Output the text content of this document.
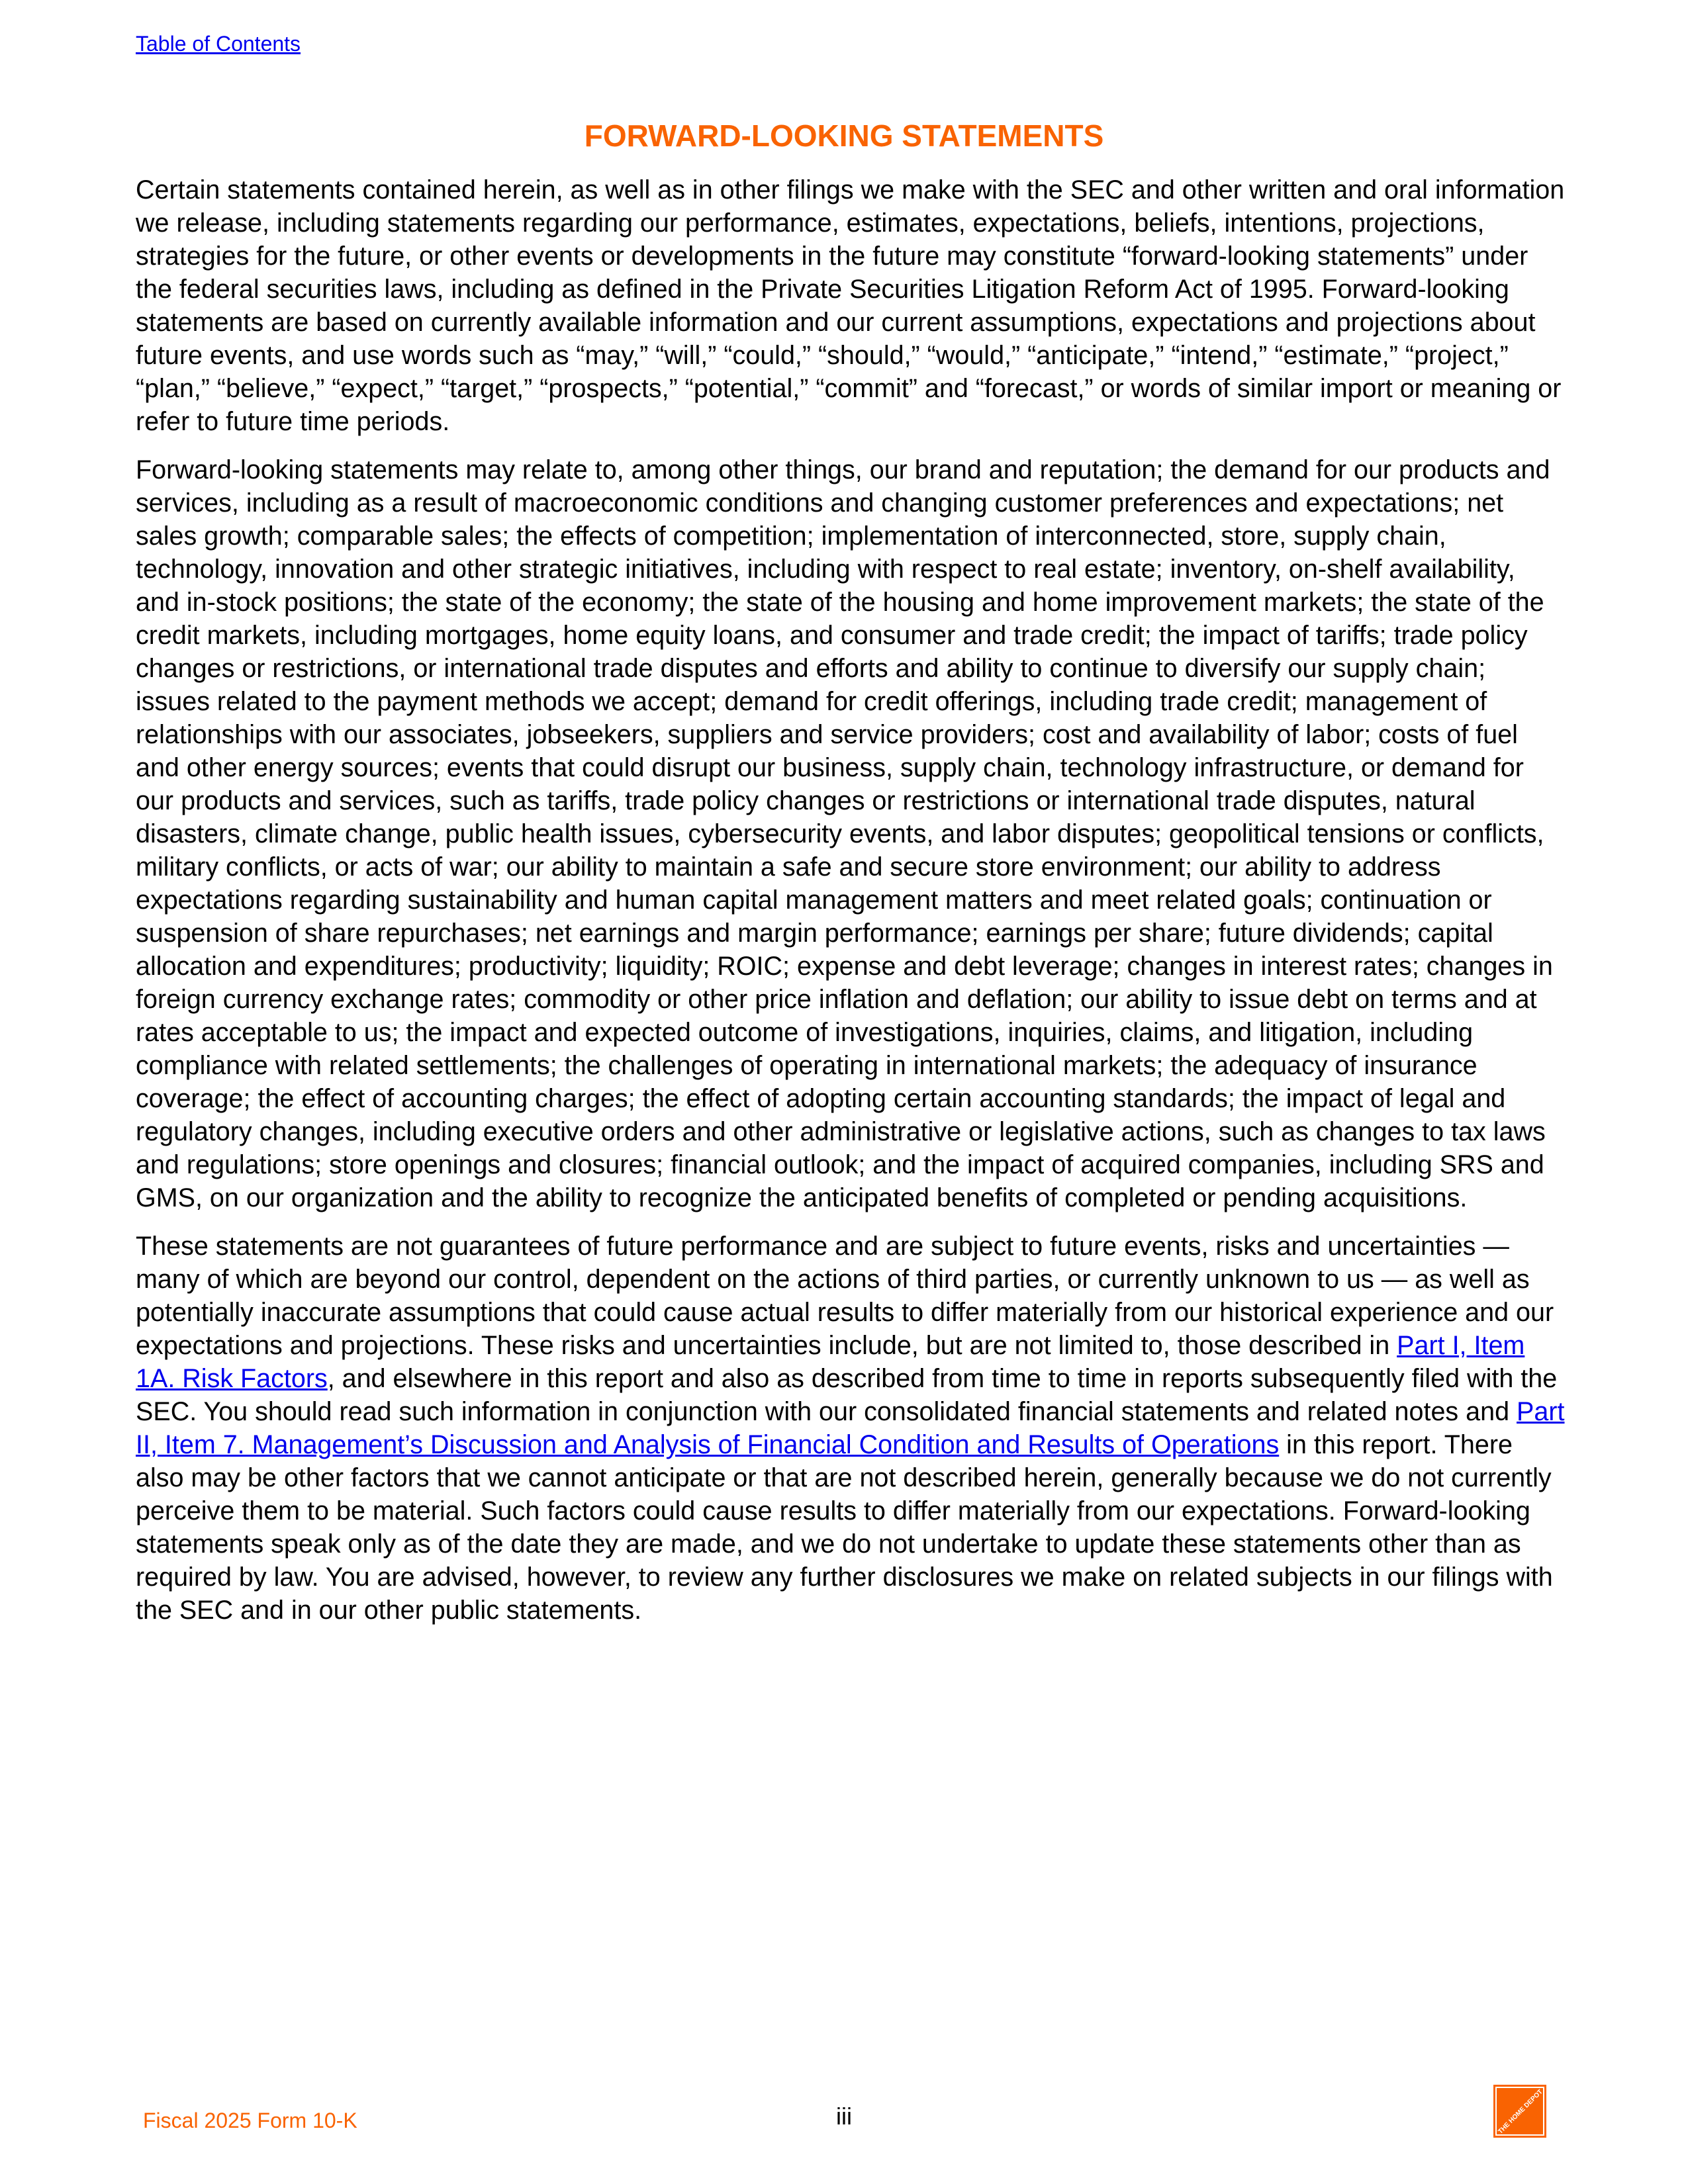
Table of Contents
FORWARD-LOOKING STATEMENTS

Certain statements contained herein, as well as in other filings we make with the SEC and other written and oral information we release, including statements regarding our performance, estimates, expectations, beliefs, intentions, projections, strategies for the future, or other events or developments in the future may constitute “forward-looking statements” under the federal securities laws, including as defined in the Private Securities Litigation Reform Act of 1995. Forward-looking statements are based on currently available information and our current assumptions, expectations and projections about future events, and use words such as “may,” “will,” “could,” “should,” “would,” “anticipate,” “intend,” “estimate,” “project,” “plan,” “believe,” “expect,” “target,” “prospects,” “potential,” “commit” and “forecast,” or words of similar import or meaning or refer to future time periods.

Forward-looking statements may relate to, among other things, our brand and reputation; the demand for our products and services, including as a result of macroeconomic conditions and changing customer preferences and expectations; net sales growth; comparable sales; the effects of competition; implementation of interconnected, store, supply chain, technology, innovation and other strategic initiatives, including with respect to real estate; inventory, on-shelf availability, and in-stock positions; the state of the economy; the state of the housing and home improvement markets; the state of the credit markets, including mortgages, home equity loans, and consumer and trade credit; the impact of tariffs; trade policy changes or restrictions, or international trade disputes and efforts and ability to continue to diversify our supply chain; issues related to the payment methods we accept; demand for credit offerings, including trade credit; management of relationships with our associates, jobseekers, suppliers and service providers; cost and availability of labor; costs of fuel and other energy sources; events that could disrupt our business, supply chain, technology infrastructure, or demand for our products and services, such as tariffs, trade policy changes or restrictions or international trade disputes, natural disasters, climate change, public health issues, cybersecurity events, and labor disputes; geopolitical tensions or conflicts, military conflicts, or acts of war; our ability to maintain a safe and secure store environment; our ability to address expectations regarding sustainability and human capital management matters and meet related goals; continuation or suspension of share repurchases; net earnings and margin performance; earnings per share; future dividends; capital allocation and expenditures; productivity; liquidity; ROIC; expense and debt leverage; changes in interest rates; changes in foreign currency exchange rates; commodity or other price inflation and deflation; our ability to issue debt on terms and at rates acceptable to us; the impact and expected outcome of investigations, inquiries, claims, and litigation, including compliance with related settlements; the challenges of operating in international markets; the adequacy of insurance coverage; the effect of accounting charges; the effect of adopting certain accounting standards; the impact of legal and regulatory changes, including executive orders and other administrative or legislative actions, such as changes to tax laws and regulations; store openings and closures; financial outlook; and the impact of acquired companies, including SRS and GMS, on our organization and the ability to recognize the anticipated benefits of completed or pending acquisitions.

These statements are not guarantees of future performance and are subject to future events, risks and uncertainties — many of which are beyond our control, dependent on the actions of third parties, or currently unknown to us — as well as potentially inaccurate assumptions that could cause actual results to differ materially from our historical experience and our expectations and projections. These risks and uncertainties include, but are not limited to, those described in Part I, Item 1A. Risk Factors, and elsewhere in this report and also as described from time to time in reports subsequently filed with the SEC. You should read such information in conjunction with our consolidated financial statements and related notes and Part II, Item 7. Management’s Discussion and Analysis of Financial Condition and Results of Operations in this report. There also may be other factors that we cannot anticipate or that are not described herein, generally because we do not currently perceive them to be material. Such factors could cause results to differ materially from our expectations. Forward-looking statements speak only as of the date they are made, and we do not undertake to update these statements other than as required by law. You are advised, however, to review any further disclosures we make on related subjects in our filings with the SEC and in our other public statements.

Fiscal 2025 Form 10-K	iii	THE HOME DEPOT
